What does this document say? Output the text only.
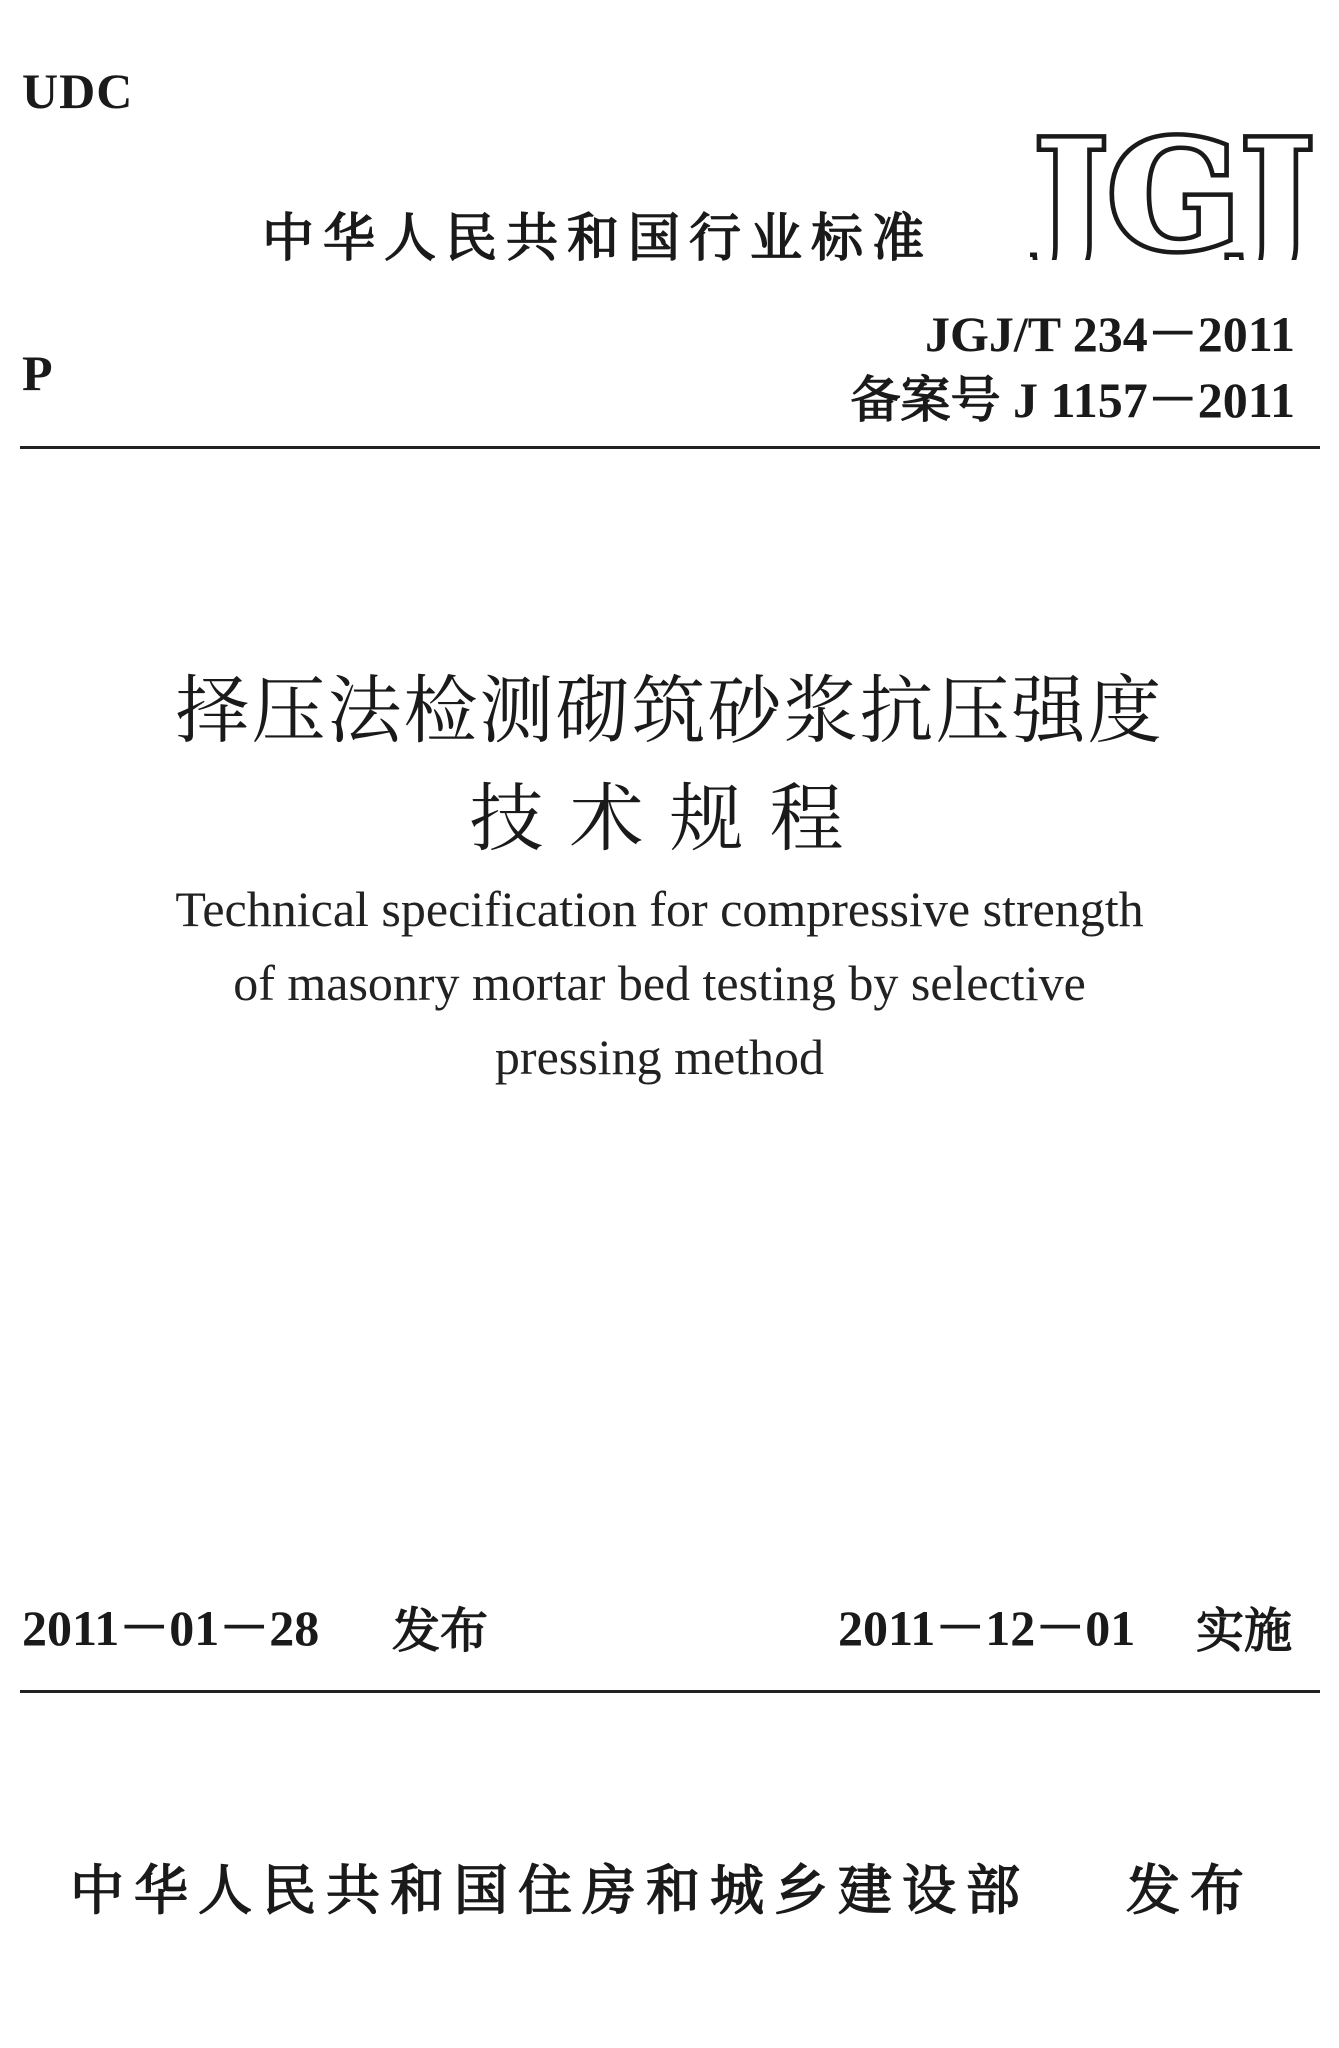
UDC
P
中华人民共和国行业标准 JGJ
JGJ/T 234－2011
备案号 J 1157－2011
择压法检测砌筑砂浆抗压强度
技术规程
Technical specification for compressive strength
of masonry mortar bed testing by selective
pressing method
2011－01－28 发布	2011－12－01 实施
中华人民共和国住房和城乡建设部 发布
